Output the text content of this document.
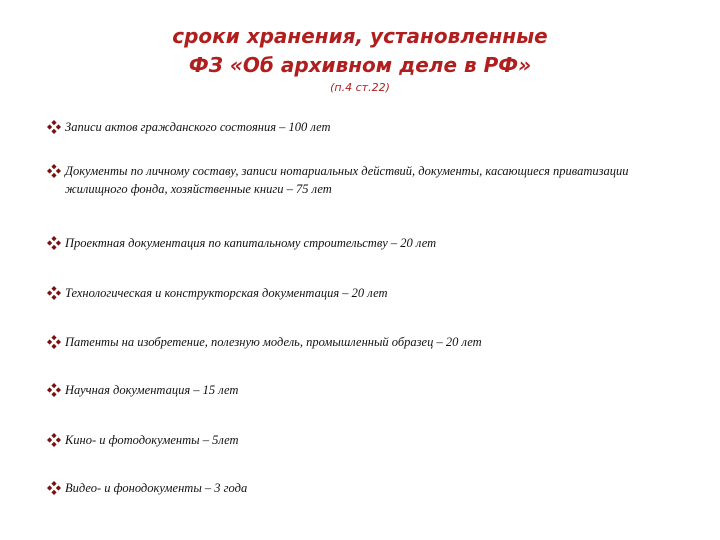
сроки хранения, установленные
ФЗ «Об архивном деле в РФ»
(п.4 ст.22)
Записи актов гражданского состояния – 100 лет
Документы по личному составу, записи нотариальных действий, документы, касающиеся приватизации жилищного фонда, хозяйственные книги – 75 лет
Проектная документация по капитальному строительству – 20 лет
Технологическая и конструкторская документация – 20 лет
Патенты на изобретение, полезную модель, промышленный образец – 20 лет
Научная документация – 15 лет
Кино- и фотодокументы – 5лет
Видео- и фонодокументы – 3 года
